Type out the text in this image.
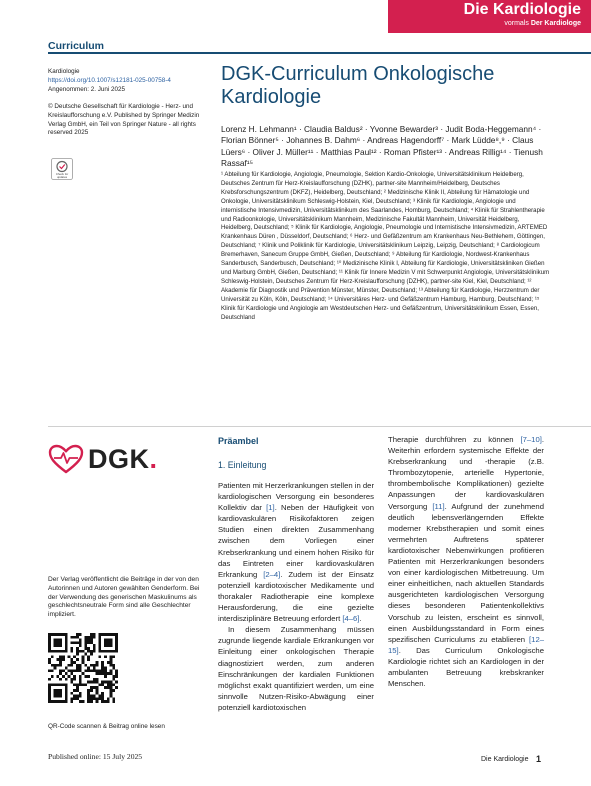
Die Kardiologie
vormals Der Kardiologe
Curriculum
Kardiologie
https://doi.org/10.1007/s12181-025-00758-4
Angenommen: 2. Juni 2025
© Deutsche Gesellschaft für Kardiologie - Herz- und Kreislaufforschung e.V. Published by Springer Medizin Verlag GmbH, ein Teil von Springer Nature - all rights reserved 2025
Check for updates
DGK-Curriculum Onkologische Kardiologie
Lorenz H. Lehmann¹ · Claudia Baldus² · Yvonne Bewarder³ · Judit Boda-Heggemann⁴ · Florian Bönner⁵ · Johannes B. Dahm⁶ · Andreas Hagendorff⁷ · Mark Lüdde⁸,⁹ · Claus Lüers⁶ · Oliver J. Müller¹¹ · Matthias Paul¹² · Roman Pfister¹³ · Andreas Rillig¹⁴ · Tienush Rassaf¹⁵
¹ Abteilung für Kardiologie, Angiologie, Pneumologie, Sektion Kardio-Onkologie, Universitätsklinikum Heidelberg, Deutsches Zentrum für Herz-Kreislaufforschung (DZHK), partner-site Mannheim/Heidelberg, Deutsches Krebsforschungszentrum (DKFZ), Heidelberg, Deutschland; ² Medizinische Klinik II, Abteilung für Hämatologie und Onkologie, Universitätsklinikum Schleswig-Holstein, Kiel, Deutschland; ³ Klinik für Kardiologie, Angiologie und internistische Intensivmedizin, Universitätsklinikum des Saarlandes, Homburg, Deutschland; ⁴ Klinik für Strahlentherapie und Radioonkologie, Universitätsklinikum Mannheim, Medizinische Fakultät Mannheim, Universität Heidelberg, Heidelberg, Deutschland; ⁵ Klinik für Kardiologie, Angiologie, Pneumologie und Internistische Intensivmedizin, ARTEMED Krankenhaus Düren , Düsseldorf, Deutschland; ⁶ Herz- und Gefäßzentrum am Krankenhaus Neu-Bethlehem, Göttingen, Deutschland; ⁷ Klinik und Poliklinik für Kardiologie, Universitätsklinikum Leipzig, Leipzig, Deutschland; ⁸ Cardiologicum Bremerhaven, Sanecum Gruppe GmbH, Gießen, Deutschland; ⁹ Abteilung für Kardiologie, Nordwest-Krankenhaus Sanderbusch, Sanderbusch, Deutschland; ¹⁰ Medizinische Klinik I, Abteilung für Kardiologie, Universitätskliniken Gießen und Marburg GmbH, Gießen, Deutschland; ¹¹ Klinik für Innere Medizin V mit Schwerpunkt Angiologie, Universitätsklinikum Schleswig-Holstein, Deutsches Zentrum für Herz-Kreislaufforschung (DZHK), partner-site Kiel, Kiel, Deutschland; ¹² Akademie für Diagnostik und Prävention Münster, Münster, Deutschland; ¹³ Abteilung für Kardiologie, Herzzentrum der Universität zu Köln, Köln, Deutschland; ¹⁴ Universitäres Herz- und Gefäßzentrum Hamburg, Hamburg, Deutschland; ¹⁵ Klinik für Kardiologie und Angiologie am Westdeutschen Herz- und Gefäßzentrum, Universitätsklinikum Essen, Essen, Deutschland
DGK.
Der Verlag veröffentlicht die Beiträge in der von den Autorinnen und Autoren gewählten Genderform. Bei der Verwendung des generischen Maskulinums als geschlechtsneutrale Form sind alle Geschlechter impliziert.
QR-Code scannen & Beitrag online lesen
Präambel
1. Einleitung

Patienten mit Herzerkrankungen stellen in der kardiologischen Versorgung ein besonderes Kollektiv dar [1]. Neben der Häufigkeit von kardiovaskulären Risikofaktoren zeigen Studien einen direkten Zusammenhang zwischen dem Vorliegen einer Krebserkrankung und einem hohen Risiko für das Eintreten einer kardiovaskulären Erkrankung [2–4]. Zudem ist der Einsatz potenziell kardiotoxischer Medikamente und thorakaler Radiotherapie eine komplexe Herausforderung, die eine gezielte interdisziplinäre Betreuung erfordert [4–6].

In diesem Zusammenhang müssen zugrunde liegende kardiale Erkrankungen vor Einleitung einer onkologischen Therapie diagnostiziert werden, zum anderen Einschränkungen der kardialen Funktionen möglichst exakt quantifiziert werden, um eine sinnvolle Nutzen-Risiko-Abwägung einer potenziell kardiotoxischen

Therapie durchführen zu können [7–10]. Weiterhin erfordern systemische Effekte der Krebserkrankung und -therapie (z.B. Thrombozytopenie, arterielle Hypertonie, thrombembolische Komplikationen) gezielte Anpassungen der kardiovaskulären Versorgung [11]. Aufgrund der zunehmend deutlich lebensverlängernden Effekte moderner Krebstherapien und somit eines vermehrten Auftretens späterer kardiotoxischer Nebenwirkungen profitieren Patienten mit Herzerkrankungen besonders von einer kardiologischen Mitbetreuung. Um einer einheitlichen, nach aktuellen Standards ausgerichteten kardiologischen Versorgung dieses besonderen Patientenkollektivs Vorschub zu leisten, erscheint es sinnvoll, einen Ausbildungsstandard in Form eines spezifischen Curriculums zu etablieren [12–15]. Das Curriculum Onkologische Kardiologie richtet sich an Kardiologen in der ambulanten Betreuung krebskranker Menschen.

Published online: 15 July 2025	Die Kardiologie 1
